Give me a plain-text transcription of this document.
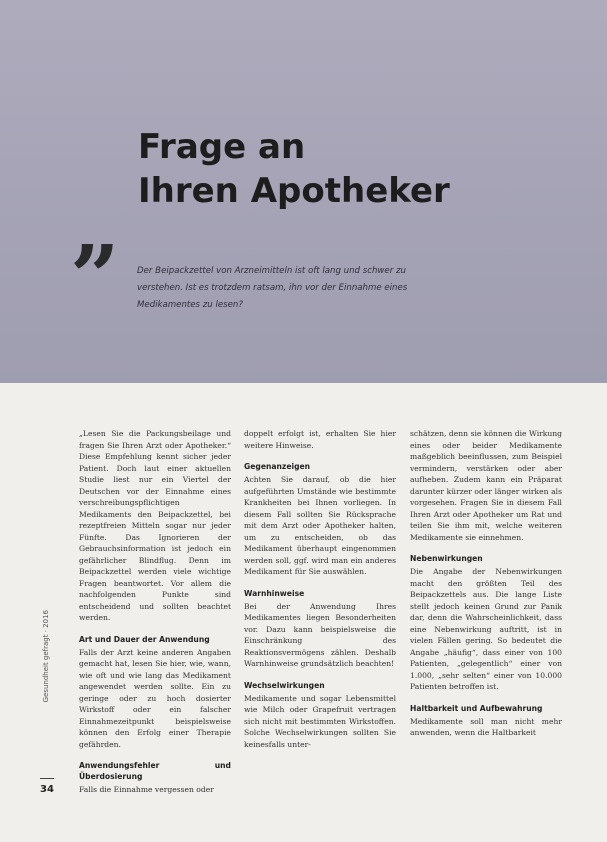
Frage an
Ihren Apotheker
” Der Beipackzettel von Arzneimitteln ist oft lang und schwer zu verstehen. Ist es trotzdem ratsam, ihn vor der Einnahme eines Medikamentes zu lesen?

„Lesen Sie die Packungsbeilage und fragen Sie Ihren Arzt oder Apotheker.“ Diese Empfehlung kennt sicher jeder Patient. Doch laut einer aktuellen Studie liest nur ein Viertel der Deutschen vor der Einnahme eines verschreibungspflichtigen Medikaments den Beipackzettel, bei rezeptfreien Mitteln sogar nur jeder Fünfte. Das Ignorieren der Gebrauchsinformation ist jedoch ein gefährlicher Blindflug. Denn im Beipackzettel werden viele wichtige Fragen beantwortet. Vor allem die nachfolgenden Punkte sind entscheidend und sollten beachtet werden.

Art und Dauer der Anwendung

Falls der Arzt keine anderen Angaben gemacht hat, lesen Sie hier, wie, wann, wie oft und wie lang das Medikament angewendet werden sollte. Ein zu geringe oder zu hoch dosierter Wirkstoff oder ein falscher Einnahmezeitpunkt beispielsweise können den Erfolg einer Therapie gefährden.

Anwendungsfehler und Überdosierung

Falls die Einnahme vergessen oder

doppelt erfolgt ist, erhalten Sie hier weitere Hinweise.

Gegenanzeigen

Achten Sie darauf, ob die hier aufgeführten Umstände wie bestimmte Krankheiten bei Ihnen vorliegen. In diesem Fall sollten Sie Rücksprache mit dem Arzt oder Apotheker halten, um zu entscheiden, ob das Medikament überhaupt eingenommen werden soll, ggf. wird man ein anderes Medikament für Sie auswählen.

Warnhinweise

Bei der Anwendung Ihres Medikamentes liegen Besonderheiten vor. Dazu kann beispielsweise die Einschränkung des Reaktionsvermögens zählen. Deshalb Warnhinweise grundsätzlich beachten!

Wechselwirkungen

Medikamente und sogar Lebensmittel wie Milch oder Grapefruit vertragen sich nicht mit bestimmten Wirkstoffen. Solche Wechselwirkungen sollten Sie keinesfalls unter-

schätzen, denn sie können die Wirkung eines oder beider Medikamente maßgeblich beeinflussen, zum Beispiel vermindern, verstärken oder aber aufheben. Zudem kann ein Präparat darunter kürzer oder länger wirken als vorgesehen. Fragen Sie in diesem Fall Ihren Arzt oder Apotheker um Rat und teilen Sie ihm mit, welche weiteren Medikamente sie einnehmen.

Nebenwirkungen

Die Angabe der Nebenwirkungen macht den größten Teil des Beipackzettels aus. Die lange Liste stellt jedoch keinen Grund zur Panik dar, denn die Wahrscheinlichkeit, dass eine Nebenwirkung auftritt, ist in vielen Fällen gering. So bedeutet die Angabe „häufig“, dass einer von 100 Patienten, „gelegentlich“ einer von 1.000, „sehr selten“ einer von 10.000 Patienten betroffen ist.

Haltbarkeit und Aufbewahrung

Medikamente soll man nicht mehr anwenden, wenn die Haltbarkeit

Gesundheit gefragt · 2016
34
